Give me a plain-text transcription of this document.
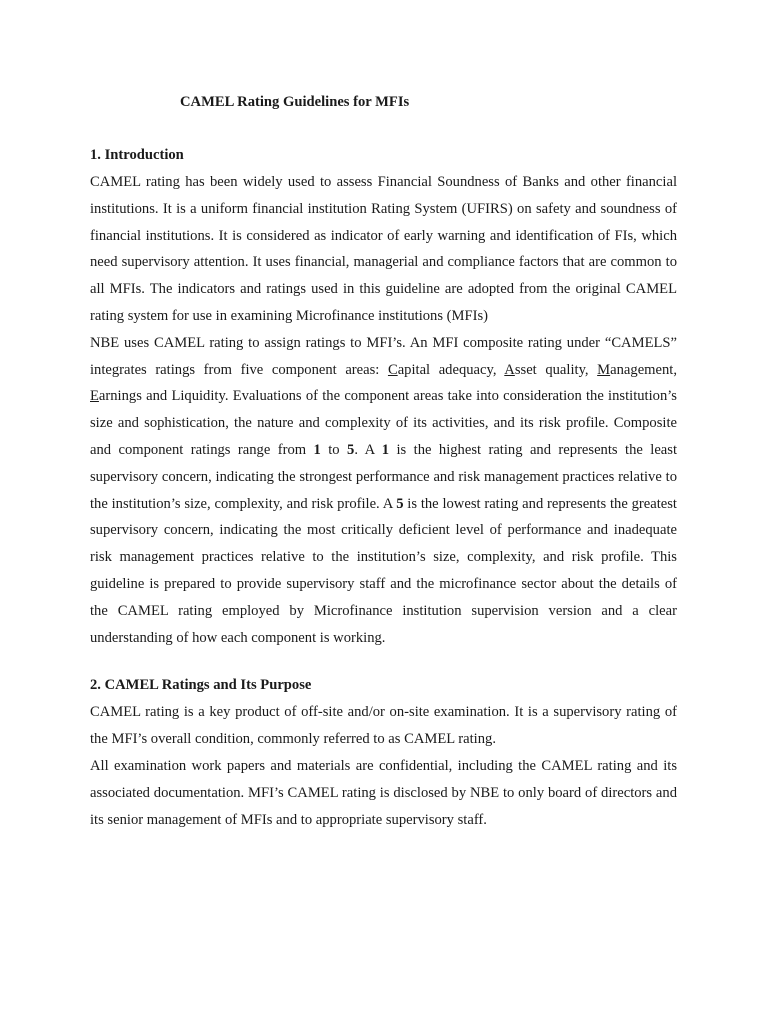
CAMEL Rating Guidelines for MFIs
1. Introduction

CAMEL rating has been widely used to assess Financial Soundness of Banks and other financial institutions. It is a uniform financial institution Rating System (UFIRS) on safety and soundness of financial institutions. It is considered as indicator of early warning and identification of FIs, which need supervisory attention. It uses financial, managerial and compliance factors that are common to all MFIs. The indicators and ratings used in this guideline are adopted from the original CAMEL rating system for use in examining Microfinance institutions (MFIs)

NBE uses CAMEL rating to assign ratings to MFI’s. An MFI composite rating under “CAMELS” integrates ratings from five component areas: Capital adequacy, Asset quality, Management, Earnings and Liquidity. Evaluations of the component areas take into consideration the institution’s size and sophistication, the nature and complexity of its activities, and its risk profile. Composite and component ratings range from 1 to 5. A 1 is the highest rating and represents the least supervisory concern, indicating the strongest performance and risk management practices relative to the institution’s size, complexity, and risk profile. A 5 is the lowest rating and represents the greatest supervisory concern, indicating the most critically deficient level of performance and inadequate risk management practices relative to the institution’s size, complexity, and risk profile. This guideline is prepared to provide supervisory staff and the microfinance sector about the details of the CAMEL rating employed by Microfinance institution supervision version and a clear understanding of how each component is working.

2. CAMEL Ratings and Its Purpose

CAMEL rating is a key product of off-site and/or on-site examination. It is a supervisory rating of the MFI’s overall condition, commonly referred to as CAMEL rating.

All examination work papers and materials are confidential, including the CAMEL rating and its associated documentation. MFI’s CAMEL rating is disclosed by NBE to only board of directors and its senior management of MFIs and to appropriate supervisory staff.
